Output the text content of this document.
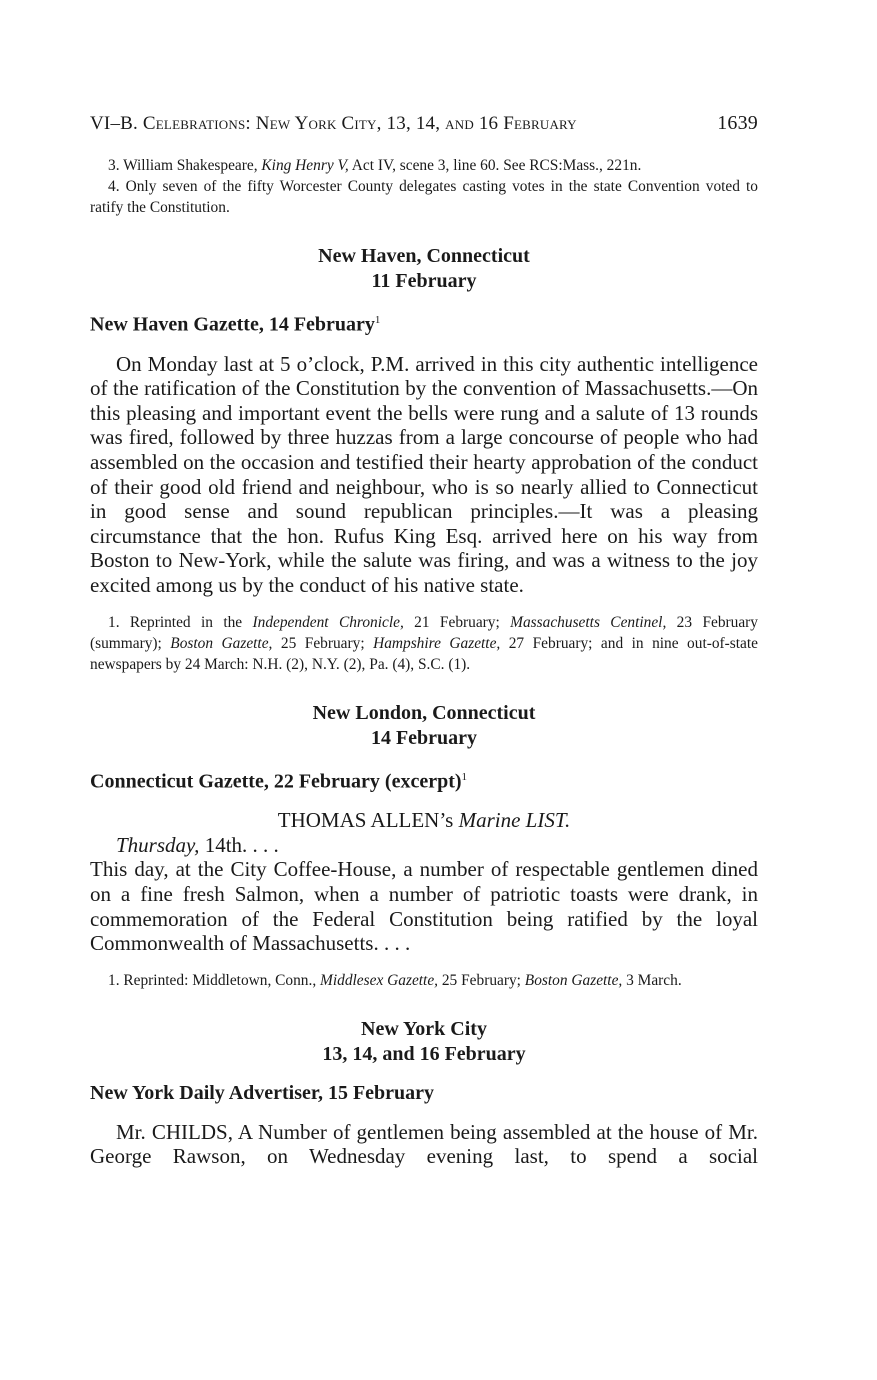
VI–B. Celebrations: New York City, 13, 14, and 16 February	1639

3. William Shakespeare, King Henry V, Act IV, scene 3, line 60. See RCS:Mass., 221n.

4. Only seven of the fifty Worcester County delegates casting votes in the state Convention voted to ratify the Constitution.

New Haven, Connecticut
11 February
New Haven Gazette, 14 February$^1$

On Monday last at 5 o’clock, P.M. arrived in this city authentic intelligence of the ratification of the Constitution by the convention of Massachusetts.—On this pleasing and important event the bells were rung and a salute of 13 rounds was fired, followed by three huzzas from a large concourse of people who had assembled on the occasion and testified their hearty approbation of the conduct of their good old friend and neighbour, who is so nearly allied to Connecticut in good sense and sound republican principles.—It was a pleasing circumstance that the hon. Rufus King Esq. arrived here on his way from Boston to New-York, while the salute was firing, and was a witness to the joy excited among us by the conduct of his native state.

1. Reprinted in the Independent Chronicle, 21 February; Massachusetts Centinel, 23 February (summary); Boston Gazette, 25 February; Hampshire Gazette, 27 February; and in nine out-of-state newspapers by 24 March: N.H. (2), N.Y. (2), Pa. (4), S.C. (1).

New London, Connecticut
14 February
Connecticut Gazette, 22 February (excerpt)$^1$
THOMAS ALLEN’s Marine LIST.

Thursday, 14th. . . .

This day, at the City Coffee-House, a number of respectable gentlemen dined on a fine fresh Salmon, when a number of patriotic toasts were drank, in commemoration of the Federal Constitution being ratified by the loyal Commonwealth of Massachusetts. . . .

1. Reprinted: Middletown, Conn., Middlesex Gazette, 25 February; Boston Gazette, 3 March.

New York City
13, 14, and 16 February
New York Daily Advertiser, 15 February

Mr. CHILDS, A Number of gentlemen being assembled at the house of Mr. George Rawson, on Wednesday evening last, to spend a social
